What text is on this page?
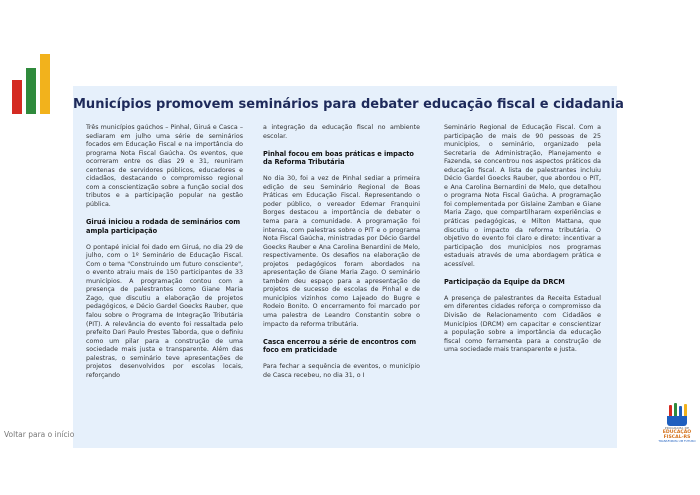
Municípios promovem seminários para debater educação fiscal e cidadania

Três municípios gaúchos – Pinhal, Giruá e Casca – sediaram em julho uma série de seminários focados em Educação Fiscal e na importância do programa Nota Fiscal Gaúcha. Os eventos, que ocorreram entre os dias 29 e 31, reuniram centenas de servidores públicos, educadores e cidadãos, destacando o compromisso regional com a conscientização sobre a função social dos tributos e a participação popular na gestão pública.

Giruá iniciou a rodada de seminários com ampla participação

O pontapé inicial foi dado em Giruá, no dia 29 de julho, com o 1º Seminário de Educação Fiscal. Com o tema "Construindo um futuro consciente", o evento atraiu mais de 150 participantes de 33 municípios. A programação contou com a presença de palestrantes como Giane Maria Zago, que discutiu a elaboração de projetos pedagógicos, e Décio Gardel Goecks Rauber, que falou sobre o Programa de Integração Tributária (PIT). A relevância do evento foi ressaltada pelo prefeito Dari Paulo Prestes Taborda, que o definiu como um pilar para a construção de uma sociedade mais justa e transparente. Além das palestras, o seminário teve apresentações de projetos desenvolvidos por escolas locais, reforçando

a integração da educação fiscal no ambiente escolar.

Pinhal focou em boas práticas e impacto da Reforma Tributária

No dia 30, foi a vez de Pinhal sediar a primeira edição de seu Seminário Regional de Boas Práticas em Educação Fiscal. Representando o poder público, o vereador Edemar Franquini Borges destacou a importância de debater o tema para a comunidade. A programação foi intensa, com palestras sobre o PIT e o programa Nota Fiscal Gaúcha, ministradas por Décio Gardel Goecks Rauber e Ana Carolina Benardini de Melo, respectivamente. Os desafios na elaboração de projetos pedagógicos foram abordados na apresentação de Giane Maria Zago. O seminário também deu espaço para a apresentação de projetos de sucesso de escolas de Pinhal e de municípios vizinhos como Lajeado do Bugre e Rodeio Bonito. O encerramento foi marcado por uma palestra de Leandro Constantin sobre o impacto da reforma tributária.

Casca encerrou a série de encontros com foco em praticidade

Para fechar a sequência de eventos, o município de Casca recebeu, no dia 31, o I

Seminário Regional de Educação Fiscal. Com a participação de mais de 90 pessoas de 25 municípios, o seminário, organizado pela Secretaria de Administração, Planejamento e Fazenda, se concentrou nos aspectos práticos da educação fiscal. A lista de palestrantes incluiu Décio Gardel Goecks Rauber, que abordou o PIT, e Ana Carolina Bernardini de Melo, que detalhou o programa Nota Fiscal Gaúcha. A programação foi complementada por Gislaine Zamban e Giane Maria Zago, que compartilharam experiências e práticas pedagógicas, e Milton Mattana, que discutiu o impacto da reforma tributária. O objetivo do evento foi claro e direto: incentivar a participação dos municípios nos programas estaduais através de uma abordagem prática e acessível.

Participação da Equipe da DRCM

A presença de palestrantes da Receita Estadual em diferentes cidades reforça o compromisso da Divisão de Relacionamento com Cidadãos e Municípios (DRCM) em capacitar e conscientizar a população sobre a importância da educação fiscal como ferramenta para a construção de uma sociedade mais transparente e justa.

Voltar para o início
PROGRAMA DE
EDUCAÇÃO
FISCAL-RS
TRANSFORMA UM FUTURO
